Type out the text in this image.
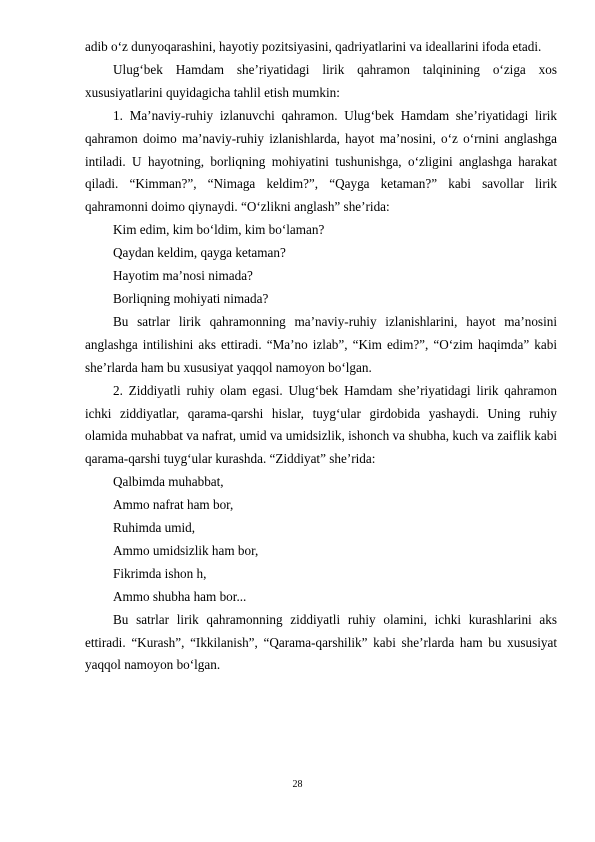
adib o‘z dunyoqarashini, hayotiy pozitsiyasini, qadriyatlarini va ideallarini ifoda etadi.

Ulug‘bek Hamdam she’riyatidagi lirik qahramon talqinining o‘ziga xos xususiyatlarini quyidagicha tahlil etish mumkin:

1. Ma’naviy-ruhiy izlanuvchi qahramon. Ulug‘bek Hamdam she’riyatidagi lirik qahramon doimo ma’naviy-ruhiy izlanishlarda, hayot ma’nosini, o‘z o‘rnini anglashga intiladi. U hayotning, borliqning mohiyatini tushunishga, o‘zligini anglashga harakat qiladi. “Kimman?”, “Nimaga keldim?”, “Qayga ketaman?” kabi savollar lirik qahramonni doimo qiynaydi. “O‘zlikni anglash” she’rida:

Kim edim, kim bo‘ldim, kim bo‘laman?

Qaydan keldim, qayga ketaman?

Hayotim ma’nosi nimada?

Borliqning mohiyati nimada?

Bu satrlar lirik qahramonning ma’naviy-ruhiy izlanishlarini, hayot ma’nosini anglashga intilishini aks ettiradi. “Ma’no izlab”, “Kim edim?”, “O‘zim haqimda” kabi she’rlarda ham bu xususiyat yaqqol namoyon bo‘lgan.

2. Ziddiyatli ruhiy olam egasi. Ulug‘bek Hamdam she’riyatidagi lirik qahramon ichki ziddiyatlar, qarama-qarshi hislar, tuyg‘ular girdobida yashaydi. Uning ruhiy olamida muhabbat va nafrat, umid va umidsizlik, ishonch va shubha, kuch va zaiflik kabi qarama-qarshi tuyg‘ular kurashda. “Ziddiyat” she’rida:

Qalbimda muhabbat,

Ammo nafrat ham bor,

Ruhimda umid,

Ammo umidsizlik ham bor,

Fikrimda ishon h,

Ammo shubha ham bor...

Bu satrlar lirik qahramonning ziddiyatli ruhiy olamini, ichki kurashlarini aks ettiradi. “Kurash”, “Ikkilanish”, “Qarama-qarshilik” kabi she’rlarda ham bu xususiyat yaqqol namoyon bo‘lgan.

28
